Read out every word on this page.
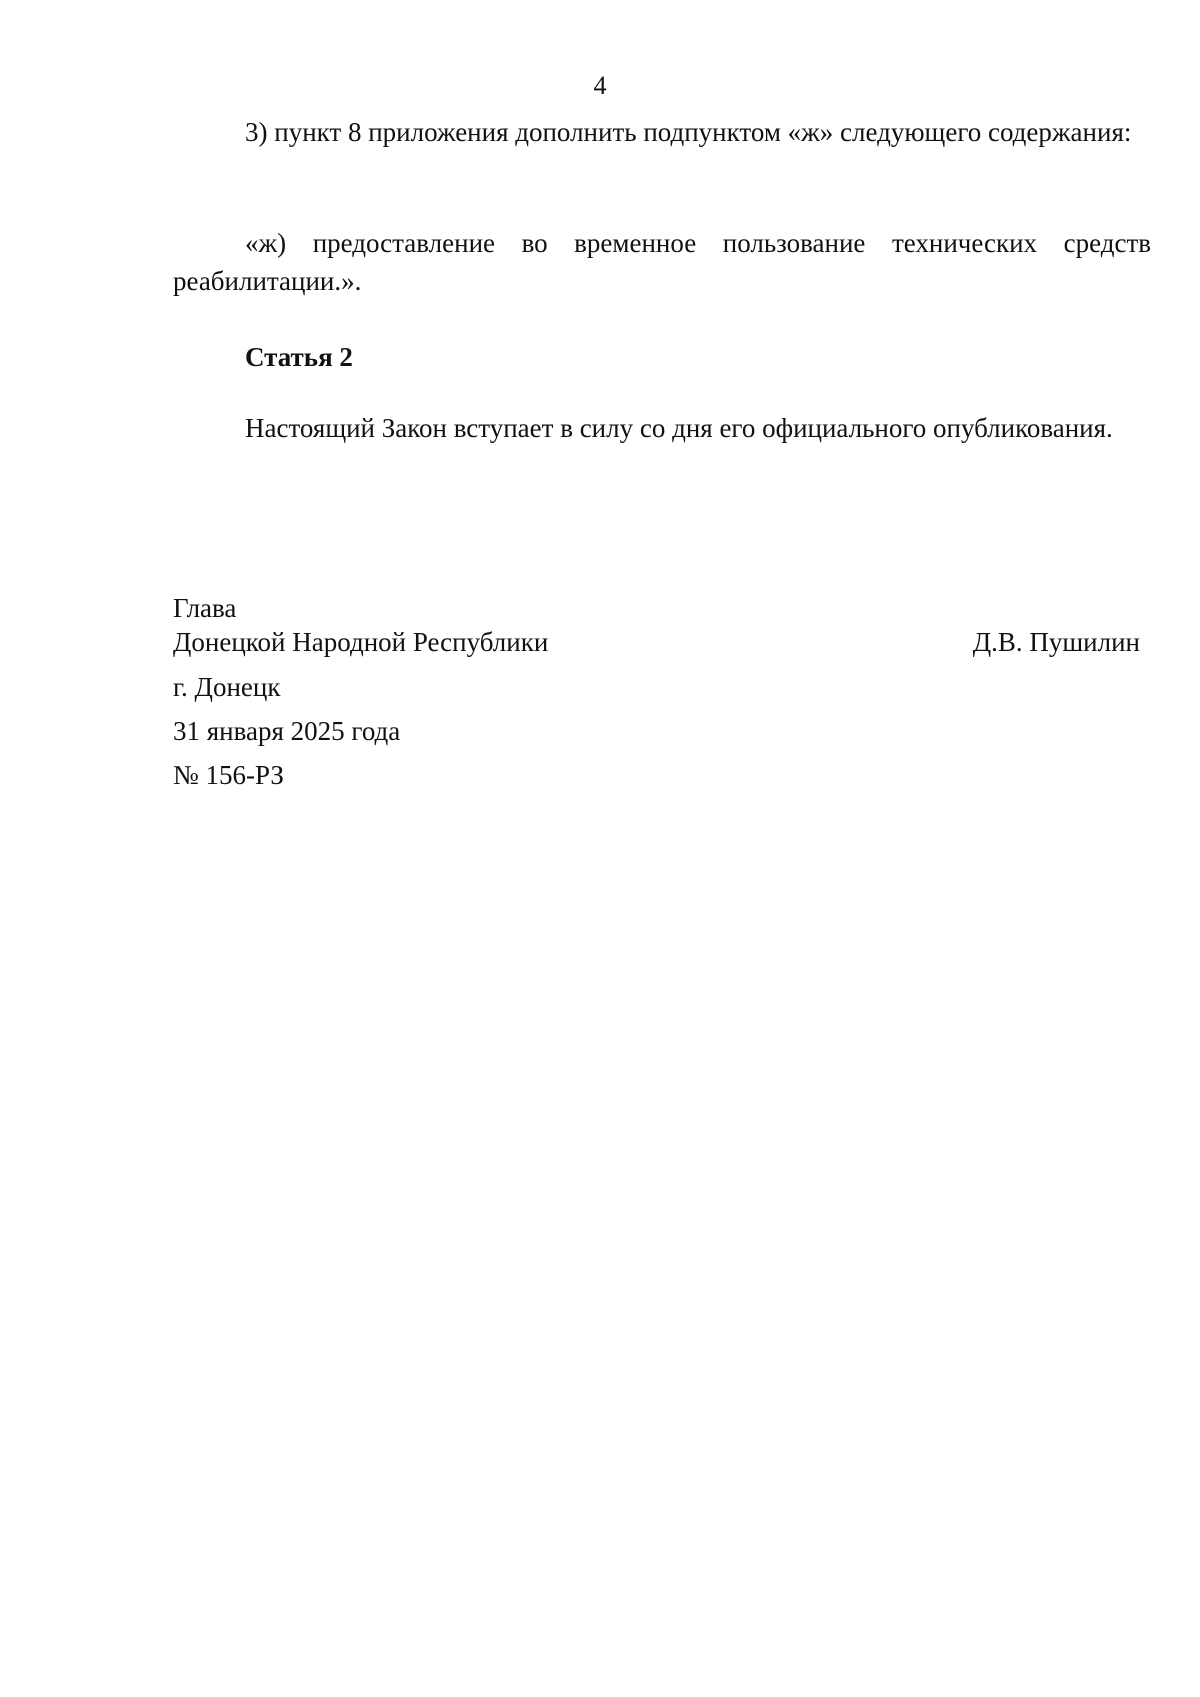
4

3) пункт 8 приложения дополнить подпунктом «ж» следующего содержания:

«ж) предоставление во временное пользование технических средств реабилитации.».

Статья 2
Настоящий Закон вступает в силу со дня его официального опубликования.
Глава
Донецкой Народной Республики	Д.В. Пушилин
г. Донецк
31 января 2025 года
№ 156-РЗ
